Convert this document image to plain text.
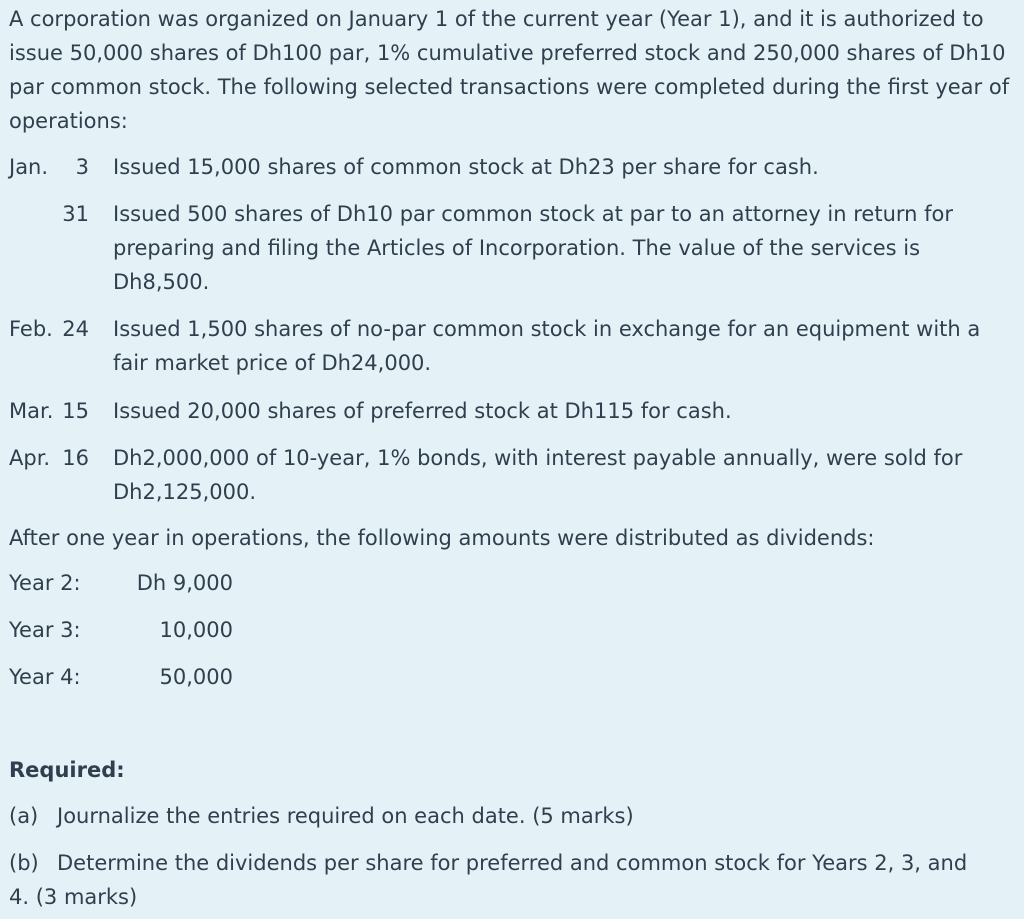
A corporation was organized on January 1 of the current year (Year 1), and it is authorized to issue 50,000 shares of Dh100 par, 1% cumulative preferred stock and 250,000 shares of Dh10 par common stock. The following selected transactions were completed during the first year of operations:

Jan. 3 Issued 15,000 shares of common stock at Dh23 per share for cash.
31 Issued 500 shares of Dh10 par common stock at par to an attorney in return for preparing and filing the Articles of Incorporation. The value of the services is Dh8,500.
Feb. 24 Issued 1,500 shares of no-par common stock in exchange for an equipment with a fair market price of Dh24,000.
Mar. 15 Issued 20,000 shares of preferred stock at Dh115 for cash.
Apr. 16 Dh2,000,000 of 10-year, 1% bonds, with interest payable annually, were sold for Dh2,125,000.

After one year in operations, the following amounts were distributed as dividends:

Year 2:	Dh 9,000
Year 3:	10,000
Year 4:	50,000
Required:
(a) Journalize the entries required on each date. (5 marks)
(b) Determine the dividends per share for preferred and common stock for Years 2, 3, and 4. (3 marks)
